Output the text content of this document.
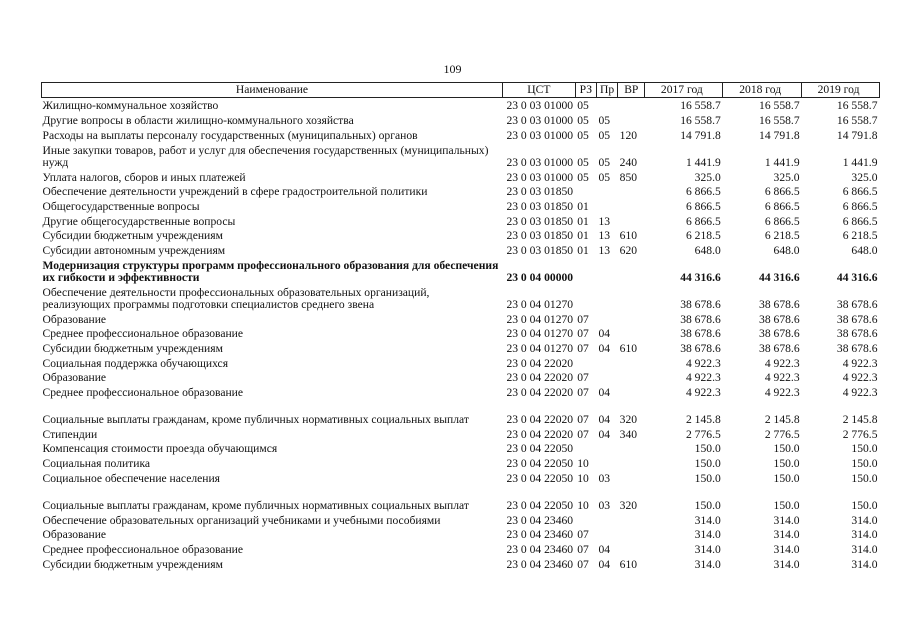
109
Наименование	ЦСТ	РЗ	Пр	ВР	2017 год	2018 год	2019 год
Жилищно-коммунальное хозяйство	23 0 03 01000	05			16 558.7	16 558.7	16 558.7
Другие вопросы в области жилищно-коммунального хозяйства	23 0 03 01000	05	05		16 558.7	16 558.7	16 558.7
Расходы на выплаты персоналу государственных (муниципальных) органов	23 0 03 01000	05	05	120	14 791.8	14 791.8	14 791.8
Иные закупки товаров, работ и услуг для обеспечения государственных (муниципальных) нужд	23 0 03 01000	05	05	240	1 441.9	1 441.9	1 441.9
Уплата налогов, сборов и иных платежей	23 0 03 01000	05	05	850	325.0	325.0	325.0
Обеспечение деятельности учреждений в сфере градостроительной политики	23 0 03 01850				6 866.5	6 866.5	6 866.5
Общегосударственные вопросы	23 0 03 01850	01			6 866.5	6 866.5	6 866.5
Другие общегосударственные вопросы	23 0 03 01850	01	13		6 866.5	6 866.5	6 866.5
Субсидии бюджетным учреждениям	23 0 03 01850	01	13	610	6 218.5	6 218.5	6 218.5
Субсидии автономным учреждениям	23 0 03 01850	01	13	620	648.0	648.0	648.0
Модернизация структуры программ профессионального образования для обеспечения их гибкости и эффективности	23 0 04 00000				44 316.6	44 316.6	44 316.6
Обеспечение деятельности профессиональных образовательных организаций, реализующих программы подготовки специалистов среднего звена	23 0 04 01270				38 678.6	38 678.6	38 678.6
Образование	23 0 04 01270	07			38 678.6	38 678.6	38 678.6
Среднее профессиональное образование	23 0 04 01270	07	04		38 678.6	38 678.6	38 678.6
Субсидии бюджетным учреждениям	23 0 04 01270	07	04	610	38 678.6	38 678.6	38 678.6
Социальная поддержка обучающихся	23 0 04 22020				4 922.3	4 922.3	4 922.3
Образование	23 0 04 22020	07			4 922.3	4 922.3	4 922.3
Среднее профессиональное образование	23 0 04 22020	07	04		4 922.3	4 922.3	4 922.3
Социальные выплаты гражданам, кроме публичных нормативных социальных выплат	23 0 04 22020	07	04	320	2 145.8	2 145.8	2 145.8
Стипендии	23 0 04 22020	07	04	340	2 776.5	2 776.5	2 776.5
Компенсация стоимости проезда обучающимся	23 0 04 22050				150.0	150.0	150.0
Социальная политика	23 0 04 22050	10			150.0	150.0	150.0
Социальное обеспечение населения	23 0 04 22050	10	03		150.0	150.0	150.0
Социальные выплаты гражданам, кроме публичных нормативных социальных выплат	23 0 04 22050	10	03	320	150.0	150.0	150.0
Обеспечение образовательных организаций учебниками и учебными пособиями	23 0 04 23460				314.0	314.0	314.0
Образование	23 0 04 23460	07			314.0	314.0	314.0
Среднее профессиональное образование	23 0 04 23460	07	04		314.0	314.0	314.0
Субсидии бюджетным учреждениям	23 0 04 23460	07	04	610	314.0	314.0	314.0
